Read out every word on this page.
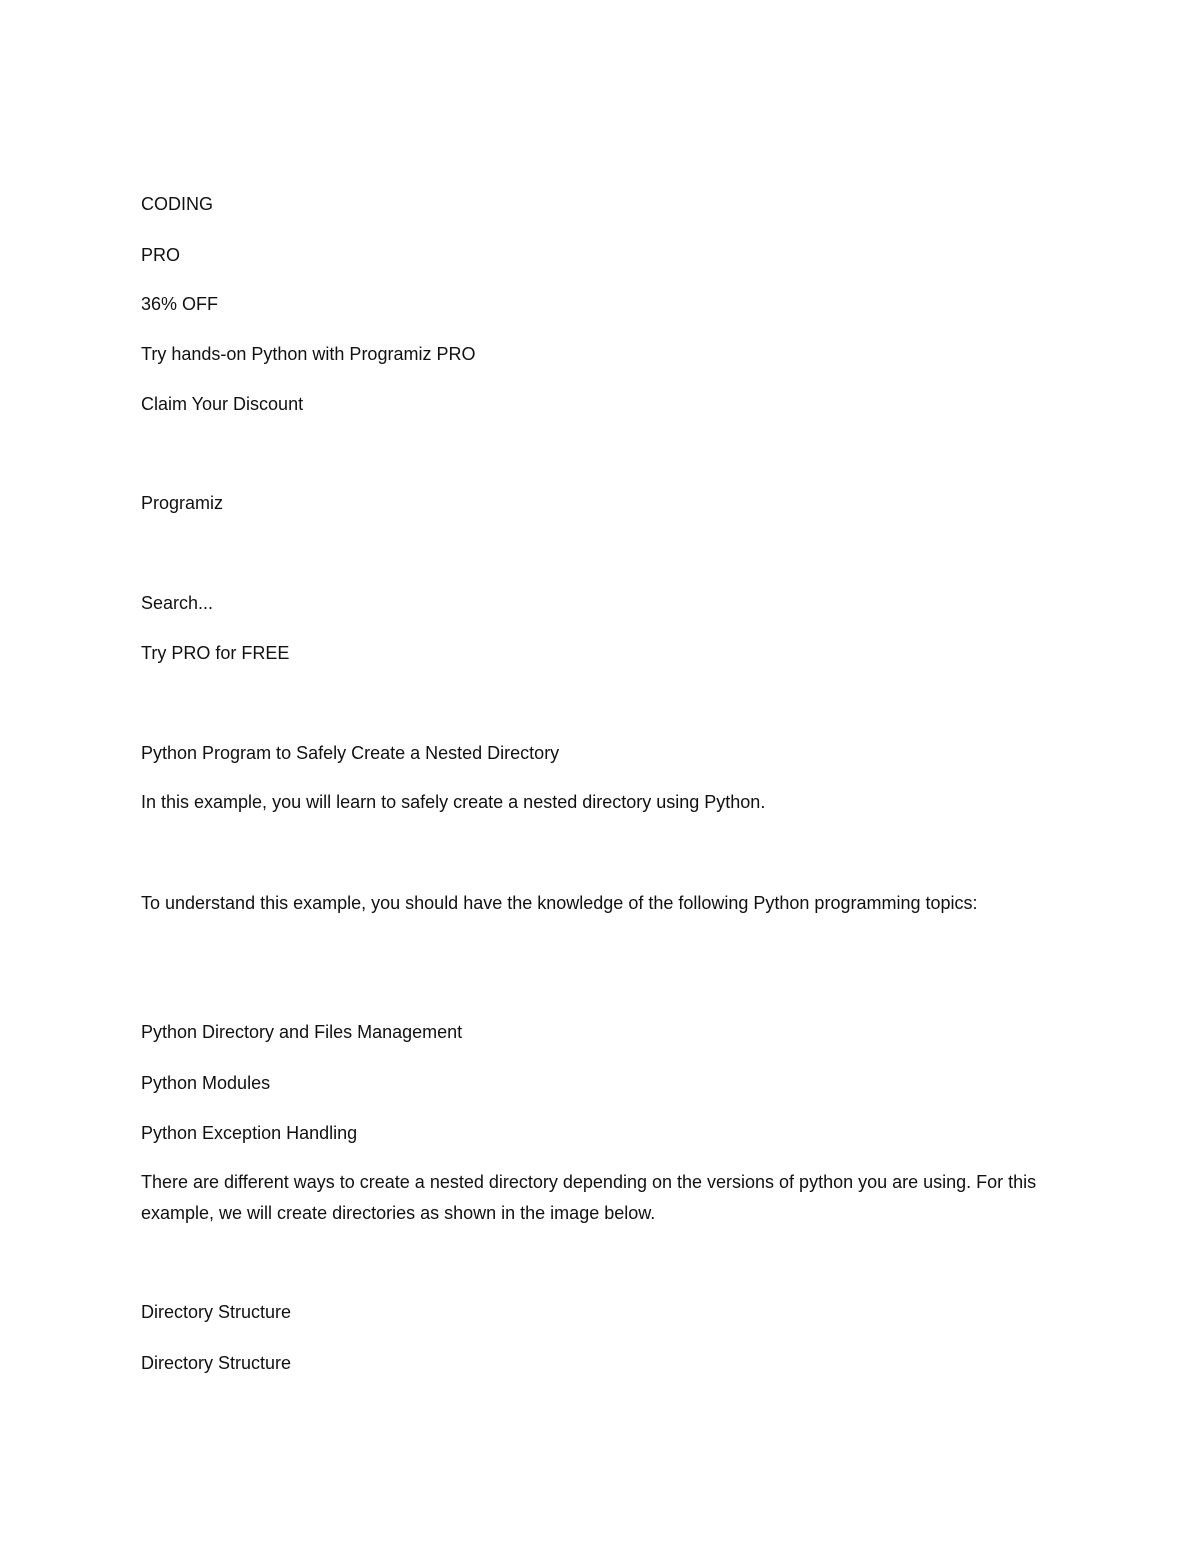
CODING

PRO

36% OFF

Try hands-on Python with Programiz PRO

Claim Your Discount

Programiz

Search...

Try PRO for FREE

Python Program to Safely Create a Nested Directory

In this example, you will learn to safely create a nested directory using Python.

To understand this example, you should have the knowledge of the following Python programming topics:

Python Directory and Files Management

Python Modules

Python Exception Handling

There are different ways to create a nested directory depending on the versions of python you are using. For this example, we will create directories as shown in the image below.

Directory Structure

Directory Structure
